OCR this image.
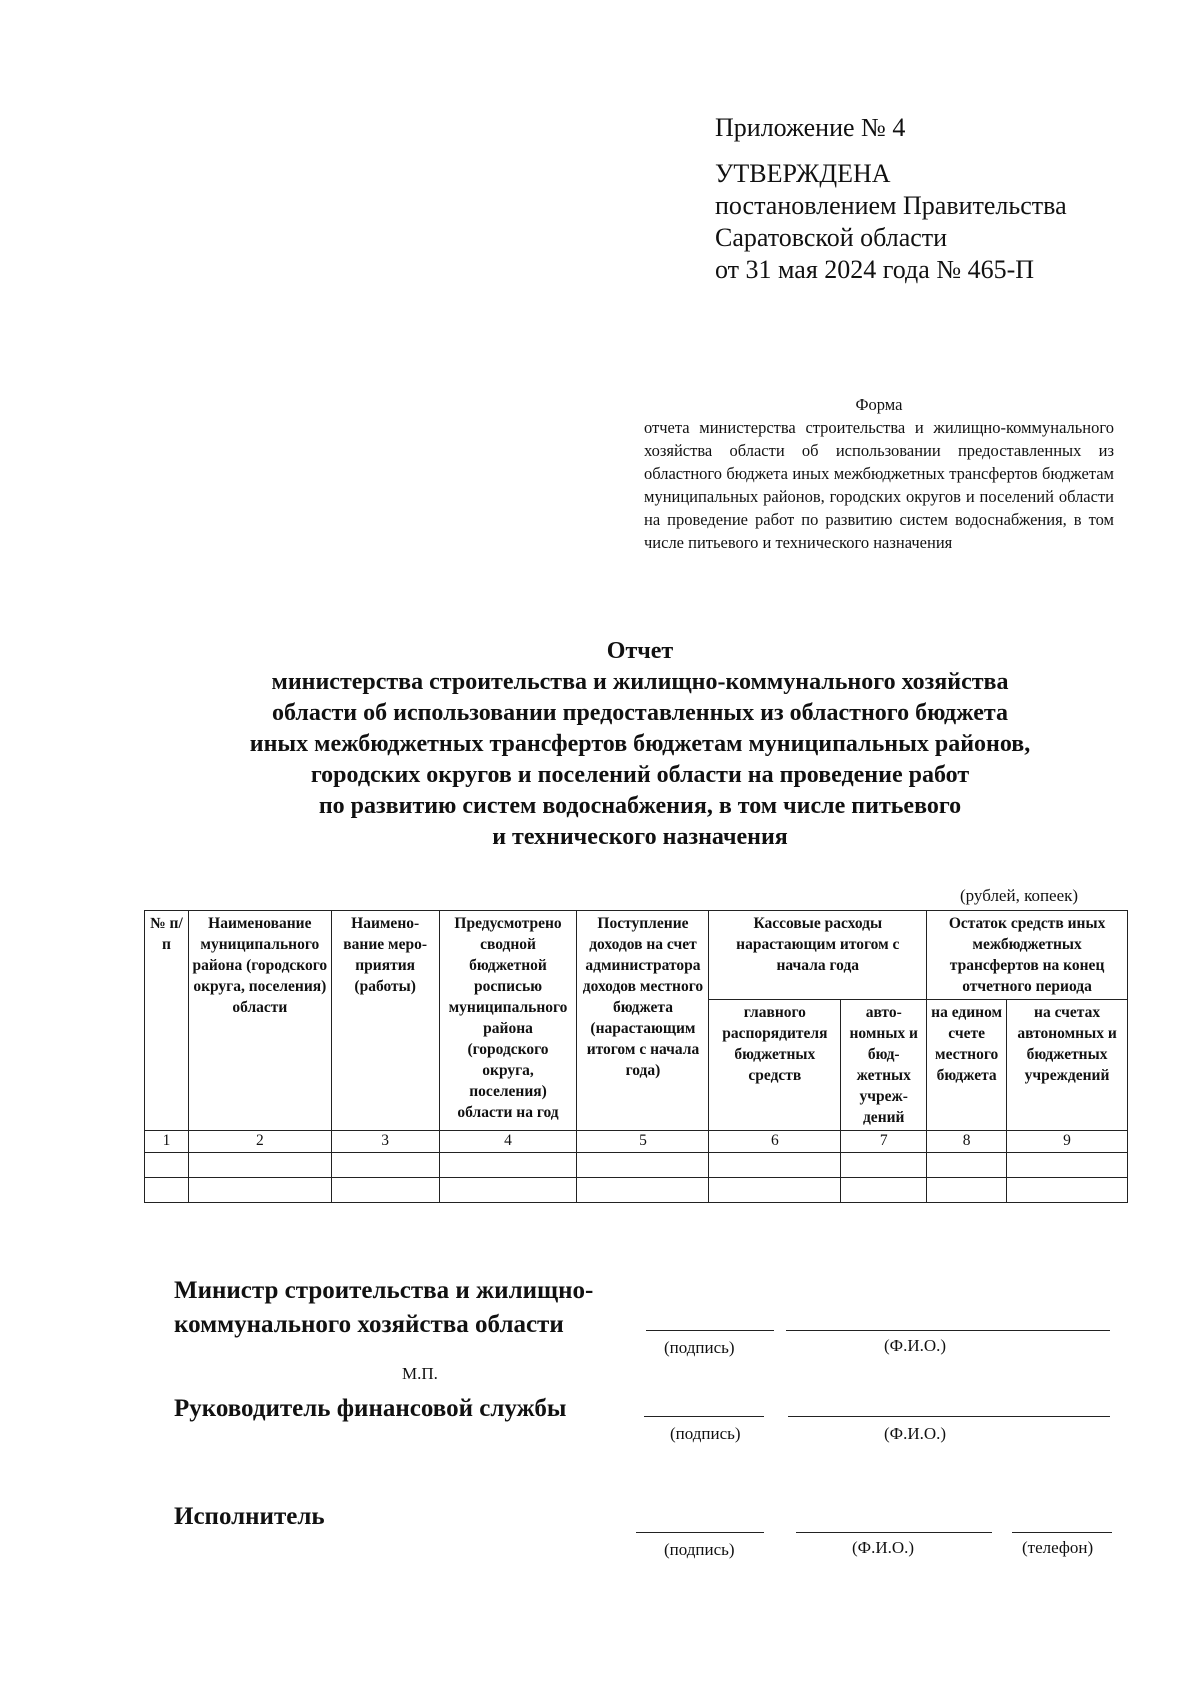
Приложение № 4
УТВЕРЖДЕНА
постановлением Правительства
Саратовской области
от 31 мая 2024 года № 465-П
Форма
отчета министерства строительства и жилищно-коммунального хозяйства области об использовании предоставленных из областного бюджета иных межбюджетных трансфертов бюджетам муниципальных районов, городских округов и поселений области на проведение работ по развитию систем водоснабжения, в том числе питьевого и технического назначения
Отчет
министерства строительства и жилищно-коммунального хозяйства
области об использовании предоставленных из областного бюджета
иных межбюджетных трансфертов бюджетам муниципальных районов,
городских округов и поселений области на проведение работ
по развитию систем водоснабжения, в том числе питьевого
и технического назначения
(рублей, копеек)
№ п/п	Наименование муниципального района (городского округа, поселения) области	Наимено-вание меро-приятия (работы)	Предусмотрено сводной бюджетной росписью муниципального района (городского округа, поселения) области на год	Поступление доходов на счет администратора доходов местного бюджета (нарастающим итогом с начала года)	Кассовые расходы нарастающим итогом с начала года		Остаток средств иных межбюджетных трансфертов на конец отчетного периода	
					главного распорядителя бюджетных средств	авто-номных и бюд-жетных учреж-дений	на едином счете местного бюджета	на счетах автономных и бюджетных учреждений
1	2	3	4	5	6	7	8	9

Министр строительства и жилищно-
коммунального хозяйства области
(подпись)	(Ф.И.О.)
М.П.
Руководитель финансовой службы
(подпись)	(Ф.И.О.)
Исполнитель
(подпись)	(Ф.И.О.)	(телефон)
